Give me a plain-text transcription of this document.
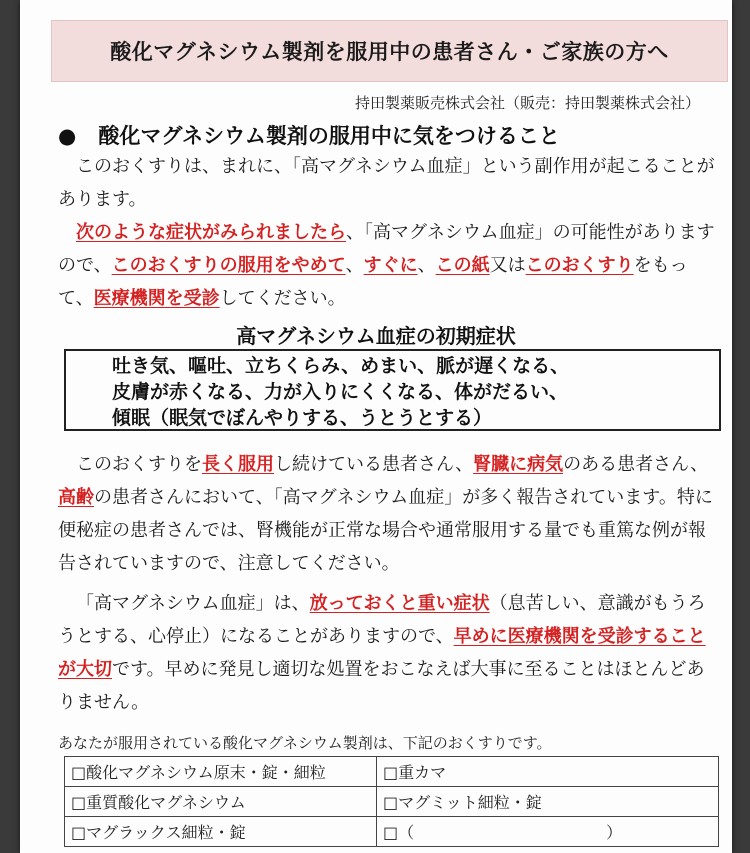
酸化マグネシウム製剤を服用中の患者さん・ご家族の方へ
持田製薬販売株式会社（販売：持田製薬株式会社）
● 酸化マグネシウム製剤の服用中に気をつけること
このおくすりは、まれに、「高マグネシウム血症」という副作用が起こることがあります。
次のような症状がみられましたら、「高マグネシウム血症」の可能性がありますので、このおくすりの服用をやめて、すぐに、この紙又はこのおくすりをもって、医療機関を受診してください。
高マグネシウム血症の初期症状
吐き気、嘔吐、立ちくらみ、めまい、脈が遅くなる、
皮膚が赤くなる、力が入りにくくなる、体がだるい、
傾眠（眠気でぼんやりする、うとうとする）
このおくすりを長く服用し続けている患者さん、腎臓に病気のある患者さん、高齢の患者さんにおいて、「高マグネシウム血症」が多く報告されています。特に便秘症の患者さんでは、腎機能が正常な場合や通常服用する量でも重篤な例が報告されていますので、注意してください。
「高マグネシウム血症」は、放っておくと重い症状（息苦しい、意識がもうろうとする、心停止）になることがありますので、早めに医療機関を受診することが大切です。早めに発見し適切な処置をおこなえば大事に至ることはほとんどありません。
あなたが服用されている酸化マグネシウム製剤は、下記のおくすりです。
□酸化マグネシウム原末・錠・細粒	□重カマ
□重質酸化マグネシウム	□マグミット細粒・錠
□マグラックス細粒・錠	□（　　　　　　　　　　　　）
